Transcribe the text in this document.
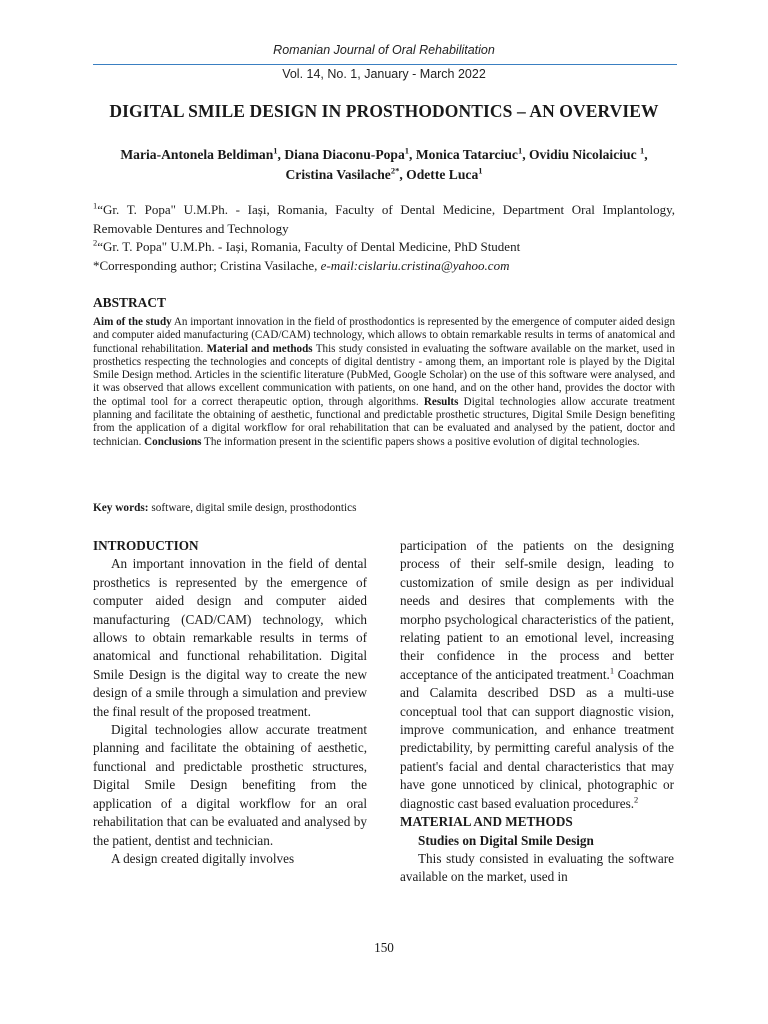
Romanian Journal of Oral Rehabilitation
Vol. 14, No. 1, January - March 2022
DIGITAL SMILE DESIGN IN PROSTHODONTICS – AN OVERVIEW
Maria-Antonela Beldiman$^1$, Diana Diaconu-Popa$^1$, Monica Tatarciuc$^1$, Ovidiu Nicolaiciuc $^1$, Cristina Vasilache$^{2*}$, Odette Luca$^1$
$^1$“Gr. T. Popa" U.M.Ph. - Iași, Romania, Faculty of Dental Medicine, Department Oral Implantology, Removable Dentures and Technology
$^2$“Gr. T. Popa" U.M.Ph. - Iași, Romania, Faculty of Dental Medicine, PhD Student
*Corresponding author; Cristina Vasilache, e-mail:cislariu.cristina@yahoo.com
ABSTRACT
Aim of the study An important innovation in the field of prosthodontics is represented by the emergence of computer aided design and computer aided manufacturing (CAD/CAM) technology, which allows to obtain remarkable results in terms of anatomical and functional rehabilitation. Material and methods This study consisted in evaluating the software available on the market, used in prosthetics respecting the technologies and concepts of digital dentistry - among them, an important role is played by the Digital Smile Design method. Articles in the scientific literature (PubMed, Google Scholar) on the use of this software were analysed, and it was observed that allows excellent communication with patients, on one hand, and on the other hand, provides the doctor with the optimal tool for a correct therapeutic option, through algorithms. Results Digital technologies allow accurate treatment planning and facilitate the obtaining of aesthetic, functional and predictable prosthetic structures, Digital Smile Design benefiting from the application of a digital workflow for oral rehabilitation that can be evaluated and analysed by the patient, doctor and technician. Conclusions The information present in the scientific papers shows a positive evolution of digital technologies.
Key words: software, digital smile design, prosthodontics

INTRODUCTION

An important innovation in the field of dental prosthetics is represented by the emergence of computer aided design and computer aided manufacturing (CAD/CAM) technology, which allows to obtain remarkable results in terms of anatomical and functional rehabilitation. Digital Smile Design is the digital way to create the new design of a smile through a simulation and preview the final result of the proposed treatment.

Digital technologies allow accurate treatment planning and facilitate the obtaining of aesthetic, functional and predictable prosthetic structures, Digital Smile Design benefiting from the application of a digital workflow for an oral rehabilitation that can be evaluated and analysed by the patient, dentist and technician.

A design created digitally involves

participation of the patients on the designing process of their self-smile design, leading to customization of smile design as per individual needs and desires that complements with the morpho psychological characteristics of the patient, relating patient to an emotional level, increasing their confidence in the process and better acceptance of the anticipated treatment.$^1$ Coachman and Calamita described DSD as a multi-use conceptual tool that can support diagnostic vision, improve communication, and enhance treatment predictability, by permitting careful analysis of the patient's facial and dental characteristics that may have gone unnoticed by clinical, photographic or diagnostic cast based evaluation procedures.$^2$

MATERIAL AND METHODS

Studies on Digital Smile Design

This study consisted in evaluating the software available on the market, used in

150
